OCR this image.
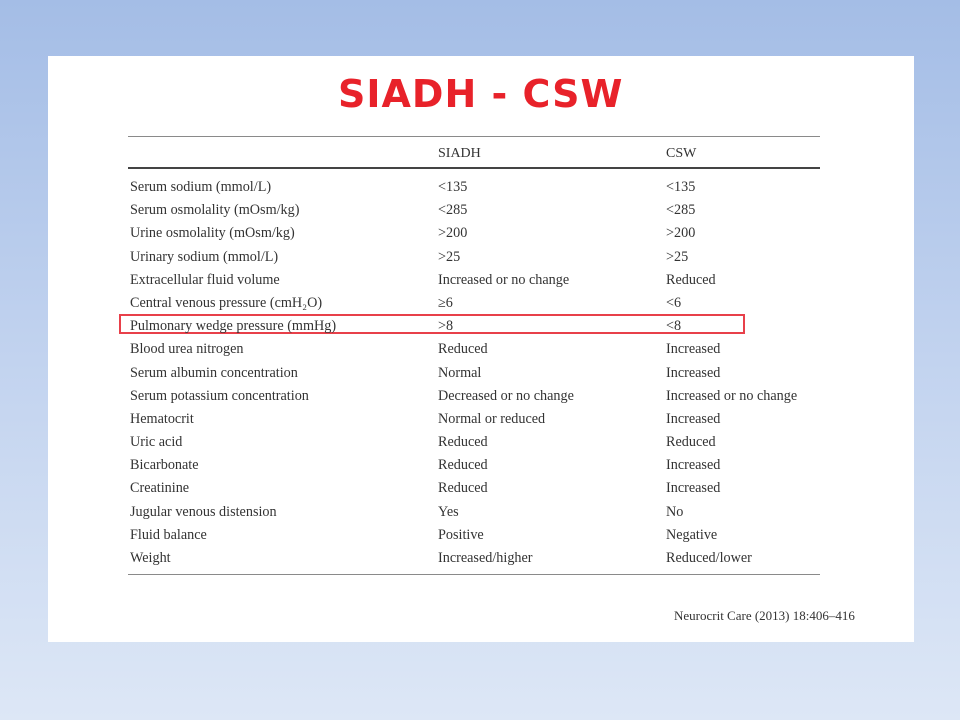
SIADH - CSW
SIADH	CSW
Serum sodium (mmol/L)	<135	<135
Serum osmolality (mOsm/kg)	<285	<285
Urine osmolality (mOsm/kg)	>200	>200
Urinary sodium (mmol/L)	>25	>25
Extracellular fluid volume	Increased or no change	Reduced
Central venous pressure (cmH₂O)	≥6	<6
Pulmonary wedge pressure (mmHg)	>8	<8
Blood urea nitrogen	Reduced	Increased
Serum albumin concentration	Normal	Increased
Serum potassium concentration	Decreased or no change	Increased or no change
Hematocrit	Normal or reduced	Increased
Uric acid	Reduced	Reduced
Bicarbonate	Reduced	Increased
Creatinine	Reduced	Increased
Jugular venous distension	Yes	No
Fluid balance	Positive	Negative
Weight	Increased/higher	Reduced/lower
Neurocrit Care (2013) 18:406–416
